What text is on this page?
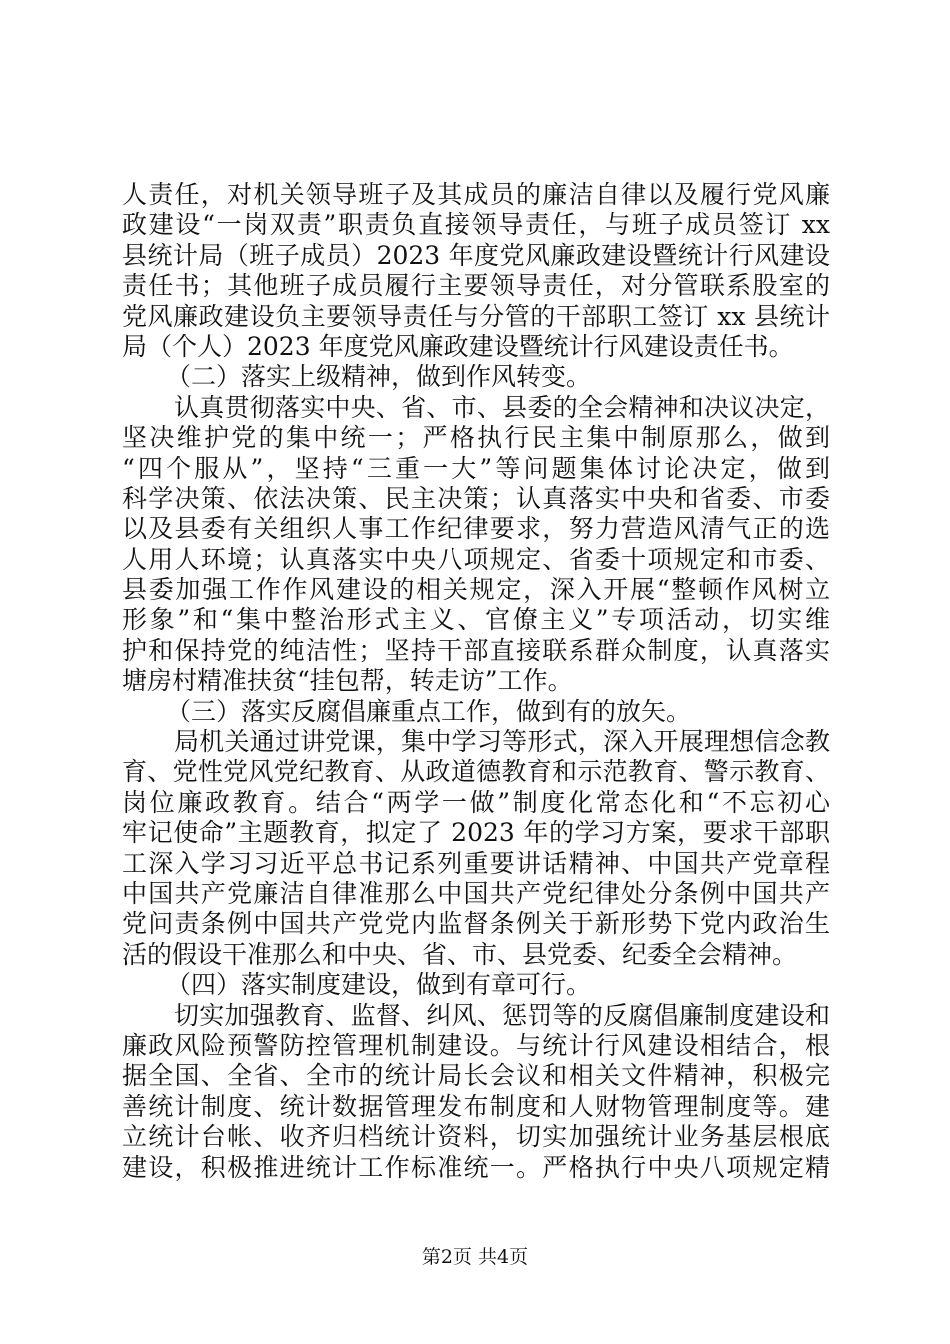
人责任，对机关领导班子及其成员的廉洁自律以及履行党风廉
政建设“一岗双责”职责负直接领导责任，与班子成员签订 xx
县统计局（班子成员）2023 年度党风廉政建设暨统计行风建设
责任书；其他班子成员履行主要领导责任，对分管联系股室的
党风廉政建设负主要领导责任与分管的干部职工签订 xx 县统计
局（个人）2023 年度党风廉政建设暨统计行风建设责任书。
（二）落实上级精神，做到作风转变。
认真贯彻落实中央、省、市、县委的全会精神和决议决定，
坚决维护党的集中统一；严格执行民主集中制原那么，做到
“四个服从”，坚持“三重一大”等问题集体讨论决定，做到
科学决策、依法决策、民主决策；认真落实中央和省委、市委
以及县委有关组织人事工作纪律要求，努力营造风清气正的选
人用人环境；认真落实中央八项规定、省委十项规定和市委、
县委加强工作作风建设的相关规定，深入开展“整顿作风树立
形象”和“集中整治形式主义、官僚主义”专项活动，切实维
护和保持党的纯洁性；坚持干部直接联系群众制度，认真落实
塘房村精准扶贫“挂包帮，转走访”工作。
（三）落实反腐倡廉重点工作，做到有的放矢。
局机关通过讲党课，集中学习等形式，深入开展理想信念教
育、党性党风党纪教育、从政道德教育和示范教育、警示教育、
岗位廉政教育。结合“两学一做”制度化常态化和“不忘初心
牢记使命”主题教育，拟定了 2023 年的学习方案，要求干部职
工深入学习习近平总书记系列重要讲话精神、中国共产党章程
中国共产党廉洁自律准那么中国共产党纪律处分条例中国共产
党问责条例中国共产党党内监督条例关于新形势下党内政治生
活的假设干准那么和中央、省、市、县党委、纪委全会精神。
（四）落实制度建设，做到有章可行。
切实加强教育、监督、纠风、惩罚等的反腐倡廉制度建设和
廉政风险预警防控管理机制建设。与统计行风建设相结合，根
据全国、全省、全市的统计局长会议和相关文件精神，积极完
善统计制度、统计数据管理发布制度和人财物管理制度等。建
立统计台帐、收齐归档统计资料，切实加强统计业务基层根底
建设，积极推进统计工作标准统一。严格执行中央八项规定精
第2页 共4页
